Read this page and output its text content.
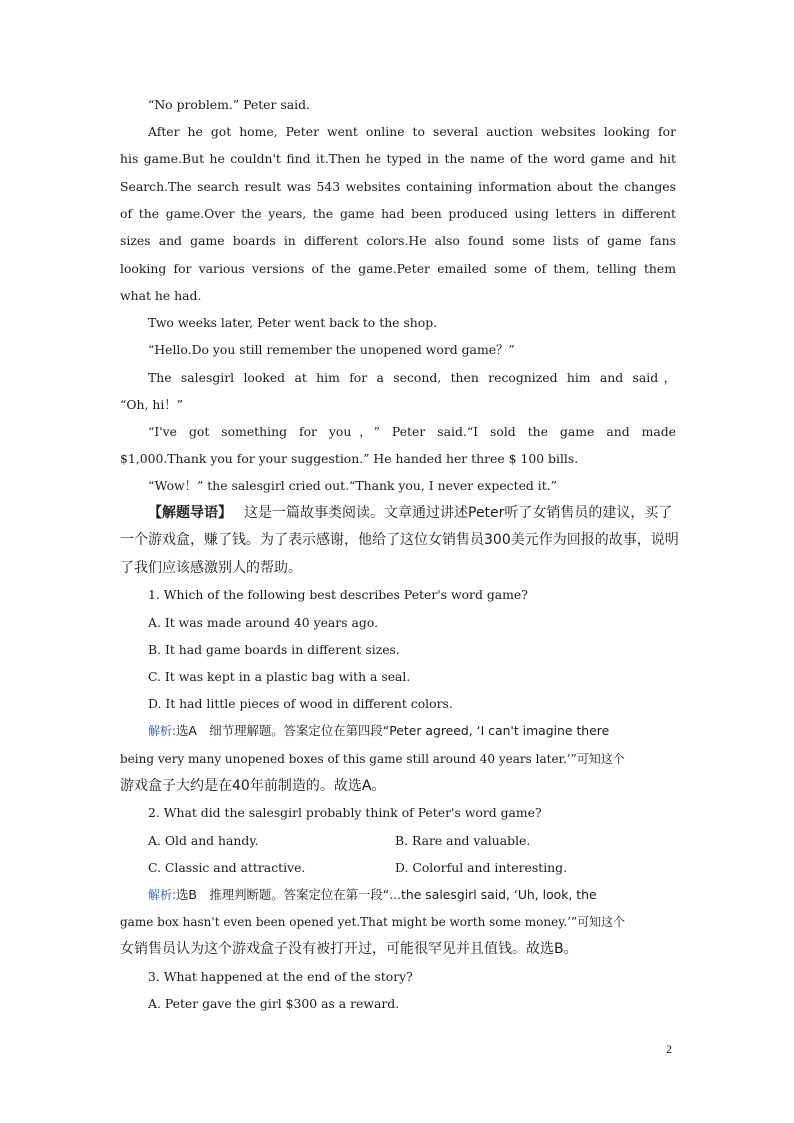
“No problem.” Peter said.
After he got home, Peter went online to several auction websites looking for
his game.But he couldn't find it.Then he typed in the name of the word game and hit
Search.The search result was 543 websites containing information about the changes
of the game.Over the years, the game had been produced using letters in different
sizes and game boards in different colors.He also found some lists of game fans
looking for various versions of the game.Peter emailed some of them, telling them
what he had.
Two weeks later, Peter went back to the shop.
“Hello.Do you still remember the unopened word game？”
The salesgirl looked at him for a second, then recognized him and said，
“Oh, hi！”
“I've got something for you，” Peter said.“I sold the game and made
$1,000.Thank you for your suggestion.” He handed her three $ 100 bills.
“Wow！” the salesgirl cried out.“Thank you, I never expected it.”
【解题导语】 这是一篇故事类阅读。文章通过讲述Peter听了女销售员的建议，买了
一个游戏盒，赚了钱。为了表示感谢，他给了这位女销售员300美元作为回报的故事，说明
了我们应该感激别人的帮助。
1. Which of the following best describes Peter's word game?
A. It was made around 40 years ago.
B. It had game boards in different sizes.
C. It was kept in a plastic bag with a seal.
D. It had little pieces of wood in different colors.
解析:选A　细节理解题。答案定位在第四段“Peter agreed, ‘I can't imagine there
being very many unopened boxes of this game still around 40 years later.’”可知这个
游戏盒子大约是在40年前制造的。故选A。
2. What did the salesgirl probably think of Peter's word game?
A. Old and handy.	B. Rare and valuable.
C. Classic and attractive.	D. Colorful and interesting.
解析:选B　推理判断题。答案定位在第一段“...the salesgirl said, ‘Uh, look, the
game box hasn't even been opened yet.That might be worth some money.’”可知这个
女销售员认为这个游戏盒子没有被打开过，可能很罕见并且值钱。故选B。
3. What happened at the end of the story?
A. Peter gave the girl $300 as a reward.
2
